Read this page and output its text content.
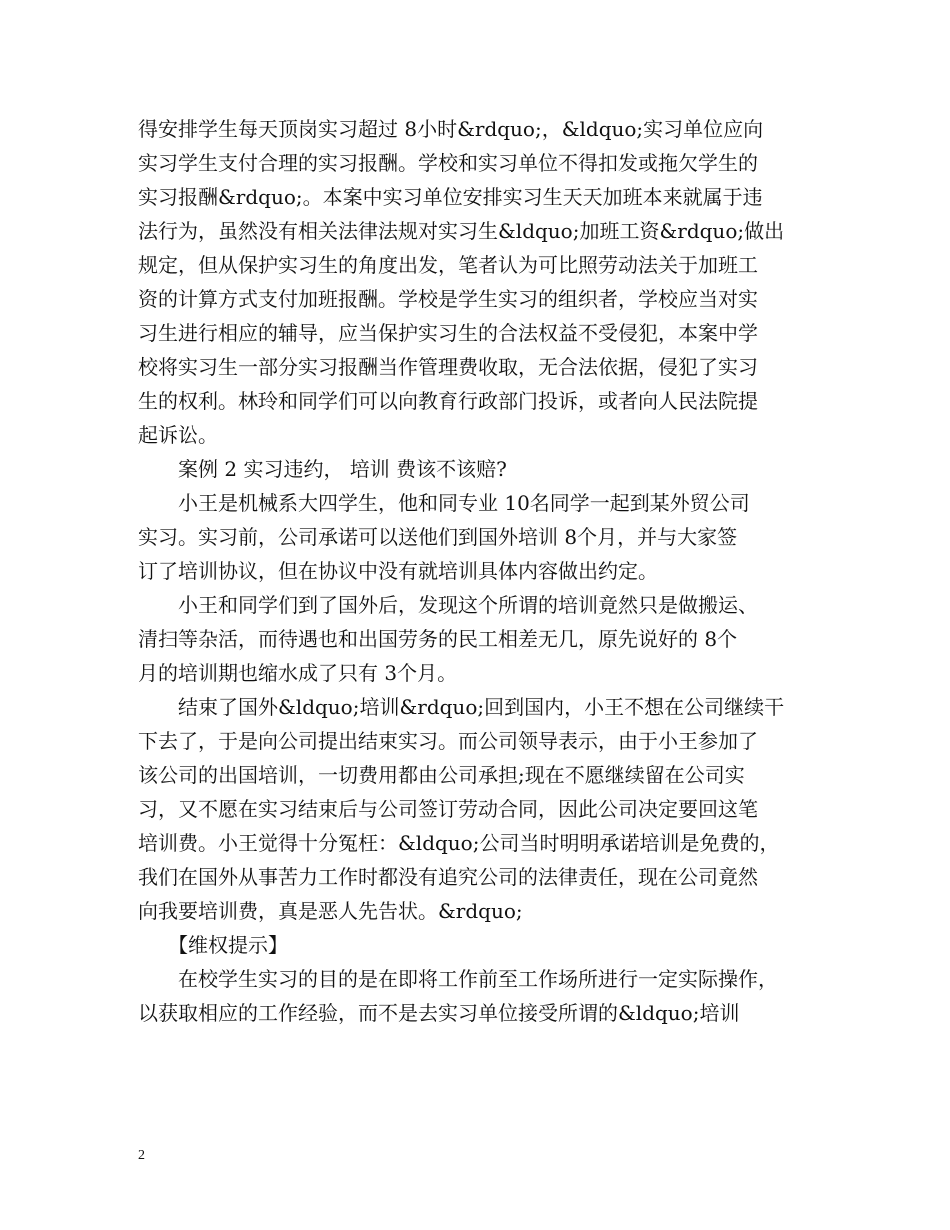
得安排学生每天顶岗实习超过 8小时&rdquo;，&ldquo;实习单位应向
实习学生支付合理的实习报酬。学校和实习单位不得扣发或拖欠学生的
实习报酬&rdquo;。本案中实习单位安排实习生天天加班本来就属于违
法行为，虽然没有相关法律法规对实习生&ldquo;加班工资&rdquo;做出
规定，但从保护实习生的角度出发，笔者认为可比照劳动法关于加班工
资的计算方式支付加班报酬。学校是学生实习的组织者，学校应当对实
习生进行相应的辅导，应当保护实习生的合法权益不受侵犯，本案中学
校将实习生一部分实习报酬当作管理费收取，无合法依据，侵犯了实习
生的权利。林玲和同学们可以向教育行政部门投诉，或者向人民法院提
起诉讼。
　　案例 2 实习违约， 培训 费该不该赔?
　　小王是机械系大四学生，他和同专业 10名同学一起到某外贸公司
实习。实习前，公司承诺可以送他们到国外培训 8个月，并与大家签
订了培训协议，但在协议中没有就培训具体内容做出约定。
　　小王和同学们到了国外后，发现这个所谓的培训竟然只是做搬运、
清扫等杂活，而待遇也和出国劳务的民工相差无几，原先说好的 8个
月的培训期也缩水成了只有 3个月。
　　结束了国外&ldquo;培训&rdquo;回到国内，小王不想在公司继续干
下去了，于是向公司提出结束实习。而公司领导表示，由于小王参加了
该公司的出国培训，一切费用都由公司承担;现在不愿继续留在公司实
习，又不愿在实习结束后与公司签订劳动合同，因此公司决定要回这笔
培训费。小王觉得十分冤枉：&ldquo;公司当时明明承诺培训是免费的，
我们在国外从事苦力工作时都没有追究公司的法律责任，现在公司竟然
向我要培训费，真是恶人先告状。&rdquo;
　　【维权提示】
　　在校学生实习的目的是在即将工作前至工作场所进行一定实际操作，
以获取相应的工作经验，而不是去实习单位接受所谓的&ldquo;培训
2
